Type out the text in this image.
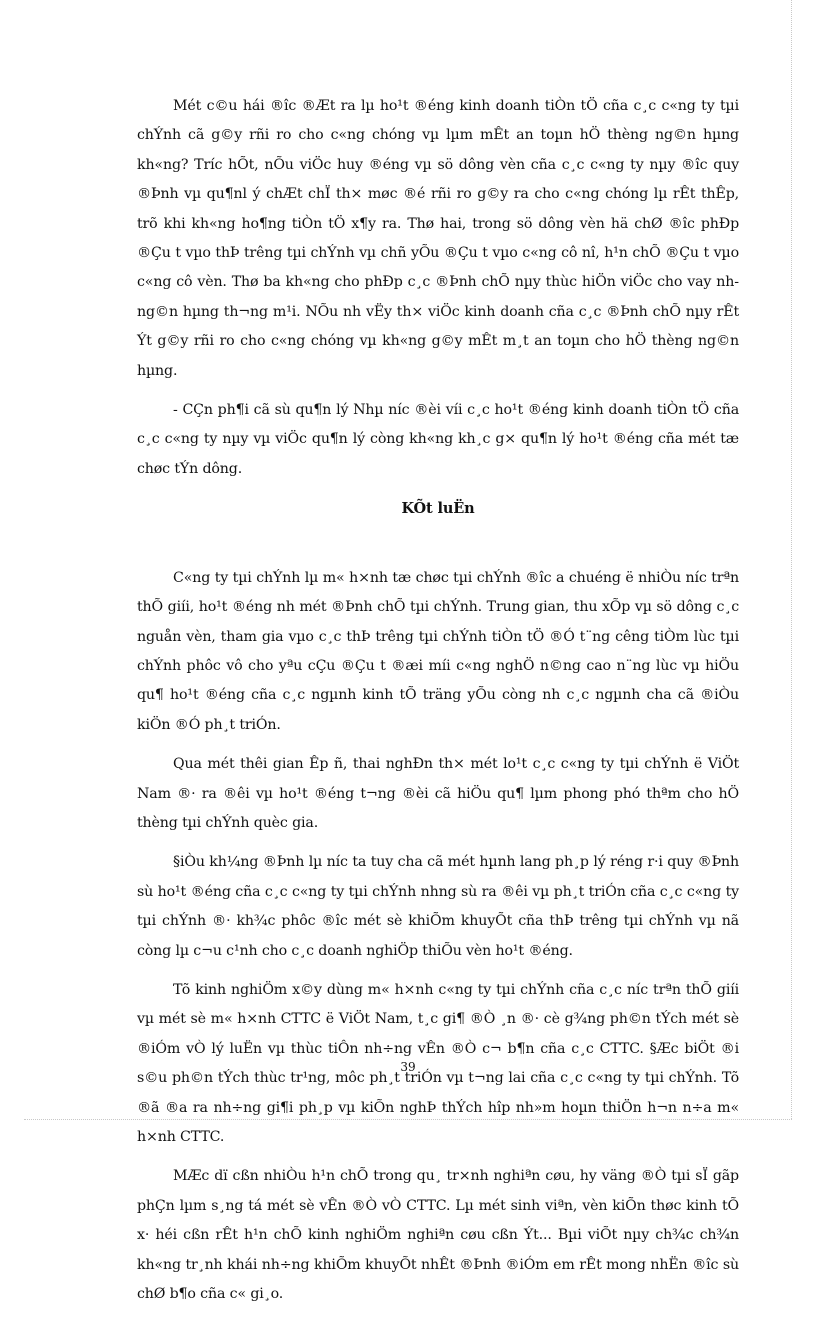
Mét c©u hái ®îc ®Æt ra lµ ho¹t ®éng kinh doanh tiÒn tÖ cña c¸c c«ng ty tµi chÝnh cã g©y rñi ro cho c«ng chóng vµ lµm mÊt an toµn hÖ thèng ng©n hµng kh«ng? Tríc hÕt, nÕu viÖc huy ®éng vµ sö dông vèn cña c¸c c«ng ty nµy ®îc quy ®Þnh vµ qu¶nl ý chÆt chÏ th× møc ®é rñi ro g©y ra cho c«ng chóng lµ rÊt thÊp, trõ khi kh«ng ho¶ng tiÒn tÖ x¶y ra. Thø hai, trong sö dông vèn hä chØ ®îc phÐp ®Çu t vµo thÞ trêng tµi chÝnh vµ chñ yÕu ®Çu t vµo c«ng cô nî, h¹n chÕ ®Çu t vµo c«ng cô vèn. Thø ba kh«ng cho phÐp c¸c ®Þnh chÕ nµy thùc hiÖn viÖc cho vay nh ng©n hµng th¬ng m¹i. NÕu nh vËy th× viÖc kinh doanh cña c¸c ®Þnh chÕ nµy rÊt Ýt g©y rñi ro cho c«ng chóng vµ kh«ng g©y mÊt m¸t an toµn cho hÖ thèng ng©n hµng.

- CÇn ph¶i cã sù qu¶n lý Nhµ níc ®èi víi c¸c ho¹t ®éng kinh doanh tiÒn tÖ cña c¸c c«ng ty nµy vµ viÖc qu¶n lý còng kh«ng kh¸c g× qu¶n lý ho¹t ®éng cña mét tæ chøc tÝn dông.

KÕt luËn

C«ng ty tµi chÝnh lµ m« h×nh tæ chøc tµi chÝnh ®îc a chuéng ë nhiÒu níc trªn thÕ giíi, ho¹t ®éng nh mét ®Þnh chÕ tµi chÝnh. Trung gian, thu xÕp vµ sö dông c¸c nguån vèn, tham gia vµo c¸c thÞ trêng tµi chÝnh tiÒn tÖ ®Ó t¨ng cêng tiÒm lùc tµi chÝnh phôc vô cho yªu cÇu ®Çu t ®æi míi c«ng nghÖ n©ng cao n¨ng lùc vµ hiÖu qu¶ ho¹t ®éng cña c¸c ngµnh kinh tÕ träng yÕu còng nh c¸c ngµnh cha cã ®iÒu kiÖn ®Ó ph¸t triÓn.

Qua mét thêi gian Êp ñ, thai nghÐn th× mét lo¹t c¸c c«ng ty tµi chÝnh ë ViÖt Nam ®· ra ®êi vµ ho¹t ®éng t¬ng ®èi cã hiÖu qu¶ lµm phong phó thªm cho hÖ thèng tµi chÝnh quèc gia.

§iÒu kh¼ng ®Þnh lµ níc ta tuy cha cã mét hµnh lang ph¸p lý réng r·i quy ®Þnh sù ho¹t ®éng cña c¸c c«ng ty tµi chÝnh nhng sù ra ®êi vµ ph¸t triÓn cña c¸c c«ng ty tµi chÝnh ®· kh¾c phôc ®îc mét sè khiÕm khuyÕt cña thÞ trêng tµi chÝnh vµ nã còng lµ c¬u c¹nh cho c¸c doanh nghiÖp thiÕu vèn ho¹t ®éng.

Tõ kinh nghiÖm x©y dùng m« h×nh c«ng ty tµi chÝnh cña c¸c níc trªn thÕ giíi vµ mét sè m« h×nh CTTC ë ViÖt Nam, t¸c gi¶ ®Ò ¸n ®· cè g¾ng ph©n tÝch mét sè ®iÓm vÒ lý luËn vµ thùc tiÔn nh÷ng vÊn ®Ò c¬ b¶n cña c¸c CTTC. §Æc biÖt ®i s©u ph©n tÝch thùc tr¹ng, môc ph¸t triÓn vµ t¬ng lai cña c¸c c«ng ty tµi chÝnh. Tõ ®ã ®a ra nh÷ng gi¶i ph¸p vµ kiÕn nghÞ thÝch hîp nh»m hoµn thiÖn h¬n n÷a m« h×nh CTTC.

MÆc dï cßn nhiÒu h¹n chÕ trong qu¸ tr×nh nghiªn cøu, hy väng ®Ò tµi sÏ gãp phÇn lµm s¸ng tá mét sè vÊn ®Ò vÒ CTTC. Lµ mét sinh viªn, vèn kiÕn thøc kinh tÕ x· héi cßn rÊt h¹n chÕ kinh nghiÖm nghiªn cøu cßn Ýt... Bµi viÕt nµy ch¾c ch¾n kh«ng tr¸nh khái nh÷ng khiÕm khuyÕt nhÊt ®Þnh ®iÓm em rÊt mong nhËn ®îc sù chØ b¶o cña c« gi¸o.

39
